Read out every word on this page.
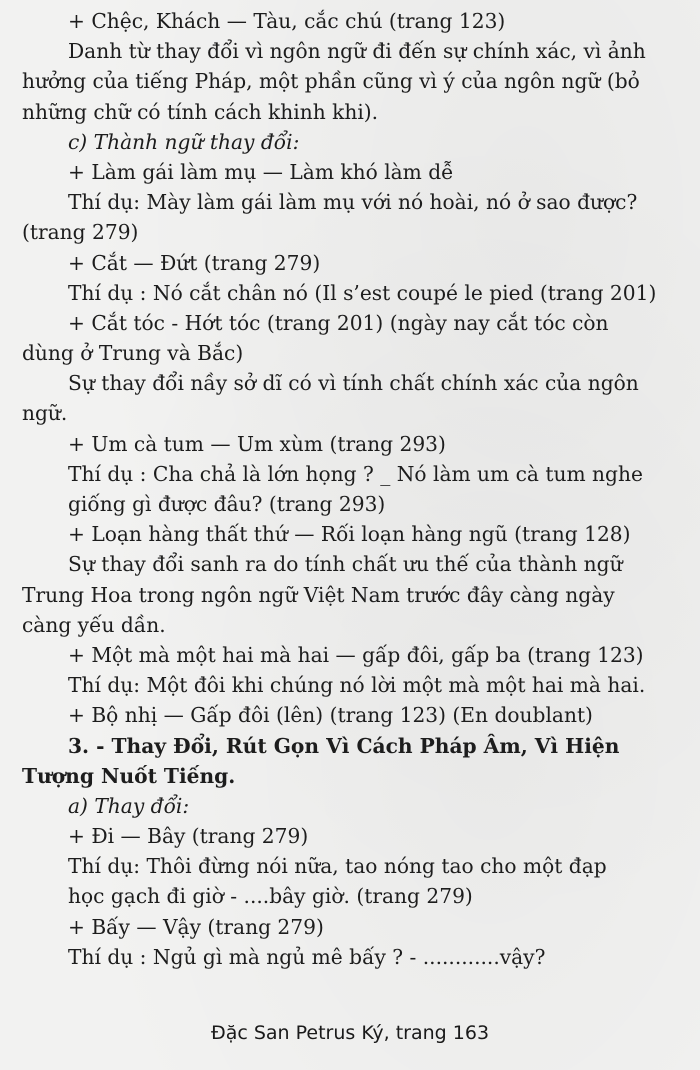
+ Chệc, Khách — Tàu, cắc chú (trang 123)
Danh từ thay đổi vì ngôn ngữ đi đến sự chính xác, vì ảnh
hưởng của tiếng Pháp, một phần cũng vì ý của ngôn ngữ (bỏ
những chữ có tính cách khinh khi).
c) Thành ngữ thay đổi:
+ Làm gái làm mụ — Làm khó làm dễ
Thí dụ: Mày làm gái làm mụ với nó hoài, nó ở sao được?
(trang 279)
+ Cắt — Đứt (trang 279)
Thí dụ : Nó cắt chân nó (Il s’est coupé le pied (trang 201)
+ Cắt tóc - Hớt tóc (trang 201) (ngày nay cắt tóc còn
dùng ở Trung và Bắc)
Sự thay đổi nầy sở dĩ có vì tính chất chính xác của ngôn
ngữ.
+ Um cà tum — Um xùm (trang 293)
Thí dụ : Cha chả là lớn họng ? _ Nó làm um cà tum nghe
giống gì được đâu? (trang 293)
+ Loạn hàng thất thứ — Rối loạn hàng ngũ (trang 128)
Sự thay đổi sanh ra do tính chất ưu thế của thành ngữ
Trung Hoa trong ngôn ngữ Việt Nam trước đây càng ngày
càng yếu dần.
+ Một mà một hai mà hai — gấp đôi, gấp ba (trang 123)
Thí dụ: Một đôi khi chúng nó lời một mà một hai mà hai.
+ Bộ nhị — Gấp đôi (lên) (trang 123) (En doublant)
3. - Thay Đổi, Rút Gọn Vì Cách Pháp Âm, Vì Hiện
Tượng Nuốt Tiếng.
a) Thay đổi:
+ Đi — Bây (trang 279)
Thí dụ: Thôi đừng nói nữa, tao nóng tao cho một đạp
học gạch đi giờ - ....bây giờ. (trang 279)
+ Bấy — Vậy (trang 279)
Thí dụ : Ngủ gì mà ngủ mê bấy ? - ............vậy?
Đặc San Petrus Ký, trang 163
